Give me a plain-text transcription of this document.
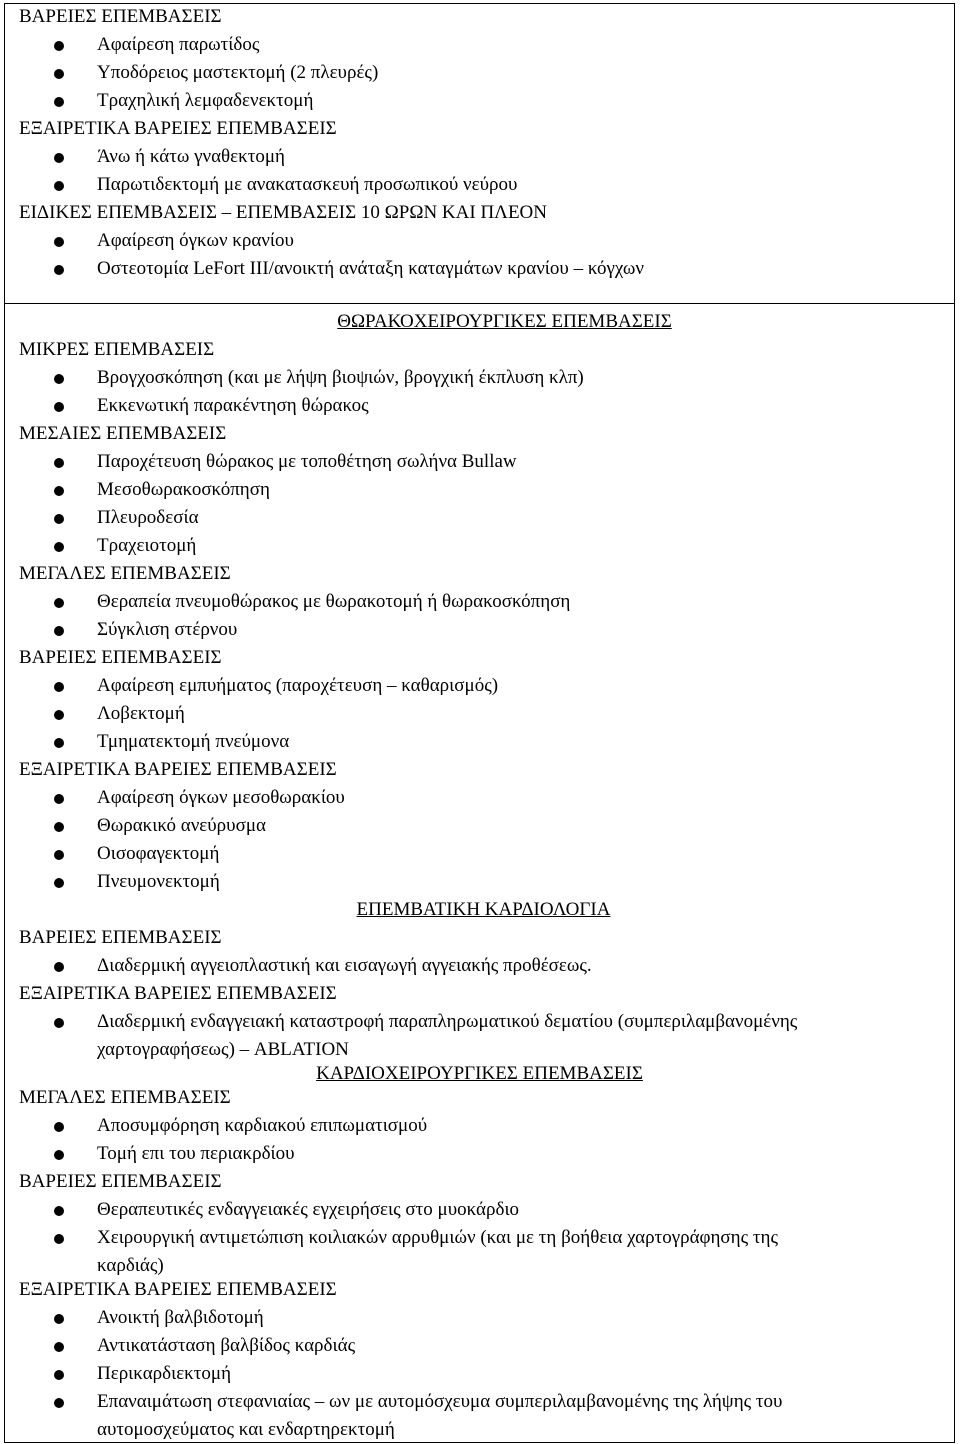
ΒΑΡΕΙΕΣ ΕΠΕΜΒΑΣΕΙΣ
Αφαίρεση παρωτίδος
Υποδόρειος μαστεκτομή (2 πλευρές)
Τραχηλική λεμφαδενεκτομή
ΕΞΑΙΡΕΤΙΚΑ ΒΑΡΕΙΕΣ ΕΠΕΜΒΑΣΕΙΣ
Άνω ή κάτω γναθεκτομή
Παρωτιδεκτομή με ανακατασκευή προσωπικού νεύρου
ΕΙΔΙΚΕΣ ΕΠΕΜΒΑΣΕΙΣ – ΕΠΕΜΒΑΣΕΙΣ 10 ΩΡΩΝ ΚΑΙ ΠΛΕΟΝ
Αφαίρεση όγκων κρανίου
Οστεοτομία LeFort III/ανοικτή ανάταξη καταγμάτων κρανίου – κόγχων
ΘΩΡΑΚΟΧΕΙΡΟΥΡΓΙΚΕΣ ΕΠΕΜΒΑΣΕΙΣ
ΜΙΚΡΕΣ ΕΠΕΜΒΑΣΕΙΣ
Βρογχοσκόπηση (και με λήψη βιοψιών, βρογχική έκπλυση κλπ)
Εκκενωτική παρακέντηση θώρακος
ΜΕΣΑΙΕΣ ΕΠΕΜΒΑΣΕΙΣ
Παροχέτευση θώρακος με τοποθέτηση σωλήνα Bullaw
Μεσοθωρακοσκόπηση
Πλευροδεσία
Τραχειοτομή
ΜΕΓΑΛΕΣ ΕΠΕΜΒΑΣΕΙΣ
Θεραπεία πνευμοθώρακος με θωρακοτομή ή θωρακοσκόπηση
Σύγκλιση στέρνου
ΒΑΡΕΙΕΣ ΕΠΕΜΒΑΣΕΙΣ
Αφαίρεση εμπυήματος (παροχέτευση – καθαρισμός)
Λοβεκτομή
Τμηματεκτομή πνεύμονα
ΕΞΑΙΡΕΤΙΚΑ ΒΑΡΕΙΕΣ ΕΠΕΜΒΑΣΕΙΣ
Αφαίρεση όγκων μεσοθωρακίου
Θωρακικό ανεύρυσμα
Οισοφαγεκτομή
Πνευμονεκτομή
ΕΠΕΜΒΑΤΙΚΗ ΚΑΡΔΙΟΛΟΓΙΑ
ΒΑΡΕΙΕΣ ΕΠΕΜΒΑΣΕΙΣ
Διαδερμική αγγειοπλαστική και εισαγωγή αγγειακής προθέσεως.
ΕΞΑΙΡΕΤΙΚΑ ΒΑΡΕΙΕΣ ΕΠΕΜΒΑΣΕΙΣ
Διαδερμική ενδαγγειακή καταστροφή παραπληρωματικού δεματίου (συμπεριλαμβανομένης
χαρτογραφήσεως) – ABLATION
ΚΑΡΔΙΟΧΕΙΡΟΥΡΓΙΚΕΣ ΕΠΕΜΒΑΣΕΙΣ
ΜΕΓΑΛΕΣ ΕΠΕΜΒΑΣΕΙΣ
Αποσυμφόρηση καρδιακού επιπωματισμού
Τομή επι του περιακρδίου
ΒΑΡΕΙΕΣ ΕΠΕΜΒΑΣΕΙΣ
Θεραπευτικές ενδαγγειακές εγχειρήσεις στο μυοκάρδιο
Χειρουργική αντιμετώπιση κοιλιακών αρρυθμιών (και με τη βοήθεια χαρτογράφησης της
καρδιάς)
ΕΞΑΙΡΕΤΙΚΑ ΒΑΡΕΙΕΣ ΕΠΕΜΒΑΣΕΙΣ
Ανοικτή βαλβιδοτομή
Αντικατάσταση βαλβίδος καρδιάς
Περικαρδιεκτομή
Επαναιμάτωση στεφανιαίας – ων με αυτομόσχευμα συμπεριλαμβανομένης της λήψης του
αυτομοσχεύματος και ενδαρτηρεκτομή
